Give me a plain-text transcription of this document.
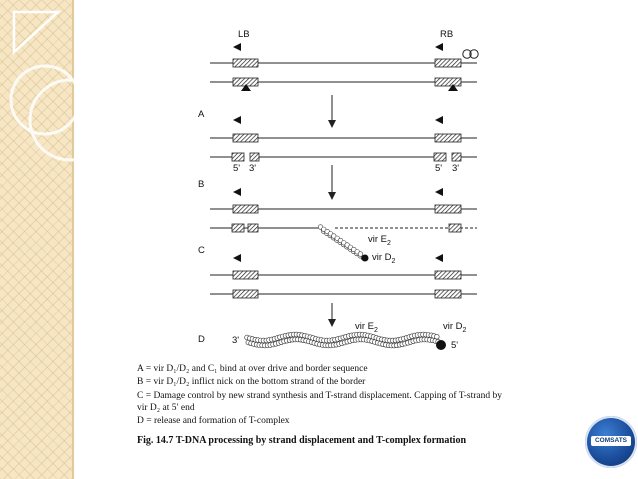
LB	RB
A
B
C
D
5' 3'	5' 3'
vir $E_2$
vir $D_2$
vir $E_2$	vir $D_2$
3'	5'
A = vir D₁/D₂ and C₁ bind at over drive and border sequence
B = vir D₁/D₂ inflict nick on the bottom strand of the border
C = Damage control by new strand synthesis and T-strand displacement. Capping of T-strand by
vir D₂ at 5′ end
D = release and formation of T-complex
Fig. 14.7 T-DNA processing by strand displacement and T-complex formation	COMSATS
